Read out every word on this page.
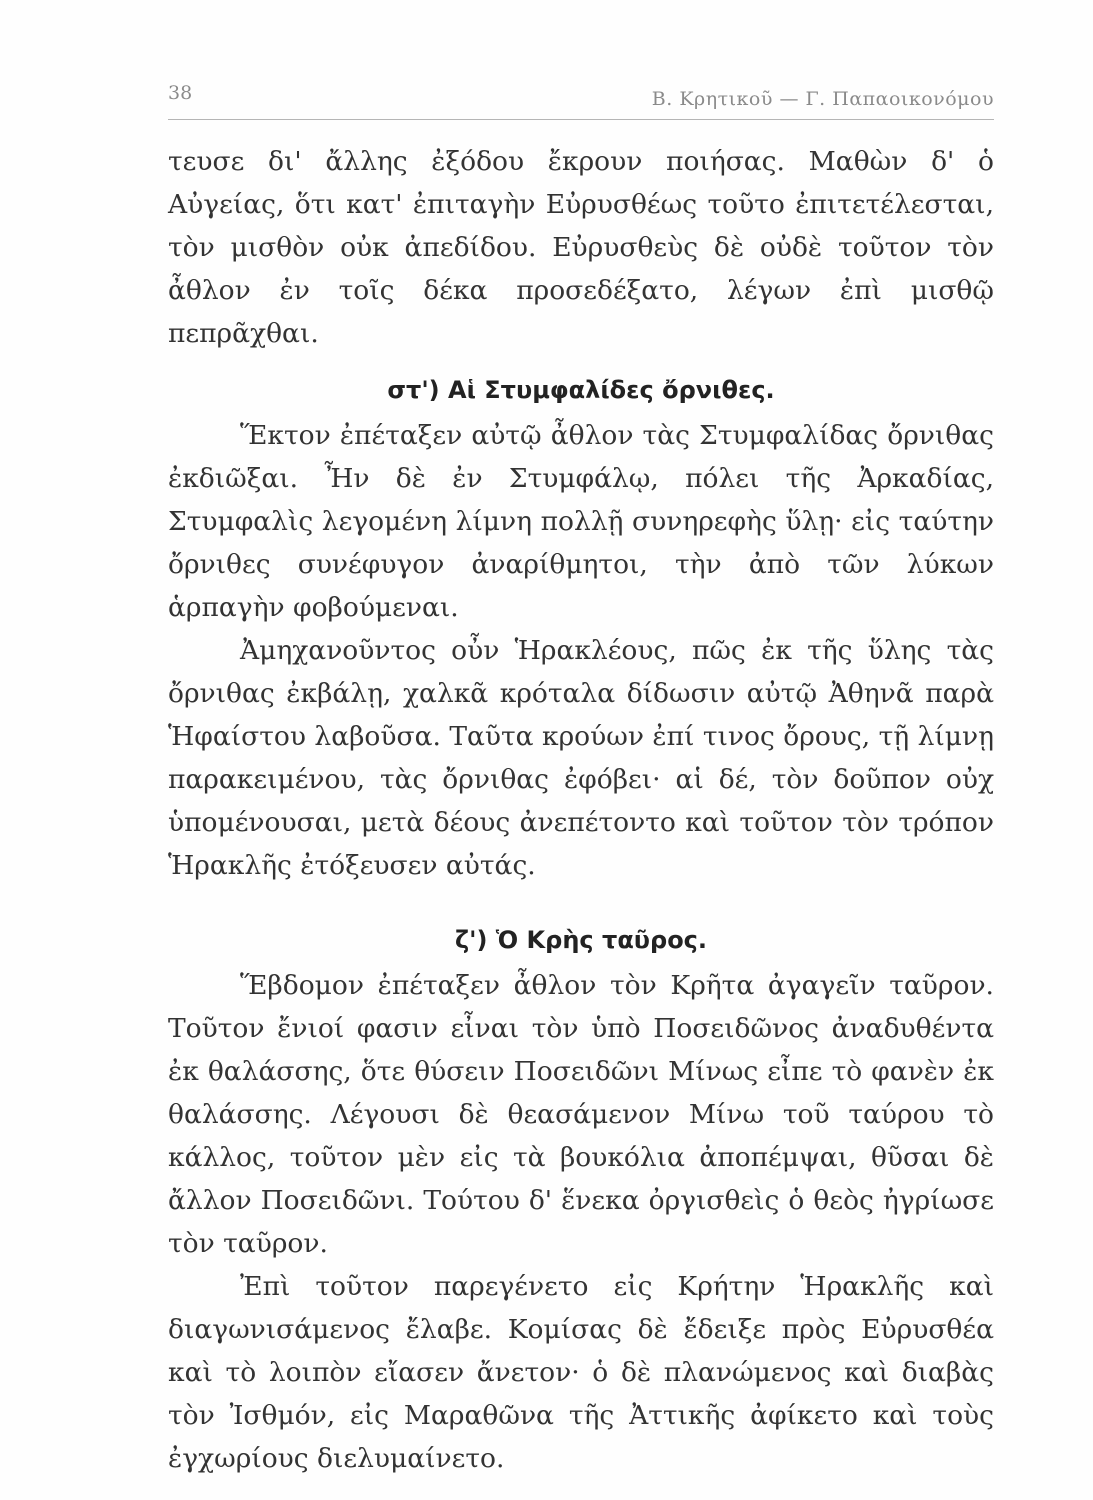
38	Β. Κρητικοῦ — Γ. Παπαοικονόμου

τευσε δι' ἄλλης ἐξόδου ἔκρουν ποιήσας. Μαθὼν δ' ὁ Αὐγείας, ὅτι κατ' ἐπιταγὴν Εὐρυσθέως τοῦτο ἐπιτετέλεσται, τὸν μισθὸν οὐκ ἀπεδίδου. Εὐρυσθεὺς δὲ οὐδὲ τοῦτον τὸν ἆθλον ἐν τοῖς δέκα προσεδέξατο, λέγων ἐπὶ μισθῷ πεπρᾶχθαι.

στ') Αἱ Στυμφαλίδες ὄρνιθες.

Ἕκτον ἐπέταξεν αὐτῷ ἆθλον τὰς Στυμφαλίδας ὄρνιθας ἐκδιῶξαι. Ἦν δὲ ἐν Στυμφάλῳ, πόλει τῆς Ἀρκαδίας, Στυμφαλὶς λεγομένη λίμνη πολλῇ συνηρεφὴς ὕλῃ· εἰς ταύτην ὄρνιθες συνέφυγον ἀναρίθμητοι, τὴν ἀπὸ τῶν λύκων ἁρπαγὴν φοβούμεναι.

Ἀμηχανοῦντος οὖν Ἡρακλέους, πῶς ἐκ τῆς ὕλης τὰς ὄρνιθας ἐκβάλῃ, χαλκᾶ κρόταλα δίδωσιν αὐτῷ Ἀθηνᾶ παρὰ Ἡφαίστου λαβοῦσα. Ταῦτα κρούων ἐπί τινος ὄρους, τῇ λίμνῃ παρακειμένου, τὰς ὄρνιθας ἐφόβει· αἱ δέ, τὸν δοῦπον οὐχ ὑπομένουσαι, μετὰ δέους ἀνεπέτοντο καὶ τοῦτον τὸν τρόπον Ἡρακλῆς ἐτόξευσεν αὐτάς.

ζ') Ὁ Κρὴς ταῦρος.

Ἕβδομον ἐπέταξεν ἆθλον τὸν Κρῆτα ἀγαγεῖν ταῦρον. Τοῦτον ἔνιοί φασιν εἶναι τὸν ὑπὸ Ποσειδῶνος ἀναδυθέντα ἐκ θαλάσσης, ὅτε θύσειν Ποσειδῶνι Μίνως εἶπε τὸ φανὲν ἐκ θαλάσσης. Λέγουσι δὲ θεασάμενον Μίνω τοῦ ταύρου τὸ κάλλος, τοῦτον μὲν εἰς τὰ βουκόλια ἀποπέμψαι, θῦσαι δὲ ἄλλον Ποσειδῶνι. Τούτου δ' ἕνεκα ὀργισθεὶς ὁ θεὸς ἠγρίωσε τὸν ταῦρον.

Ἐπὶ τοῦτον παρεγένετο εἰς Κρήτην Ἡρακλῆς καὶ διαγωνισάμενος ἔλαβε. Κομίσας δὲ ἔδειξε πρὸς Εὐρυσθέα καὶ τὸ λοιπὸν εἴασεν ἄνετον· ὁ δὲ πλανώμενος καὶ διαβὰς τὸν Ἰσθμόν, εἰς Μαραθῶνα τῆς Ἀττικῆς ἀφίκετο καὶ τοὺς ἐγχωρίους διελυμαίνετο.
